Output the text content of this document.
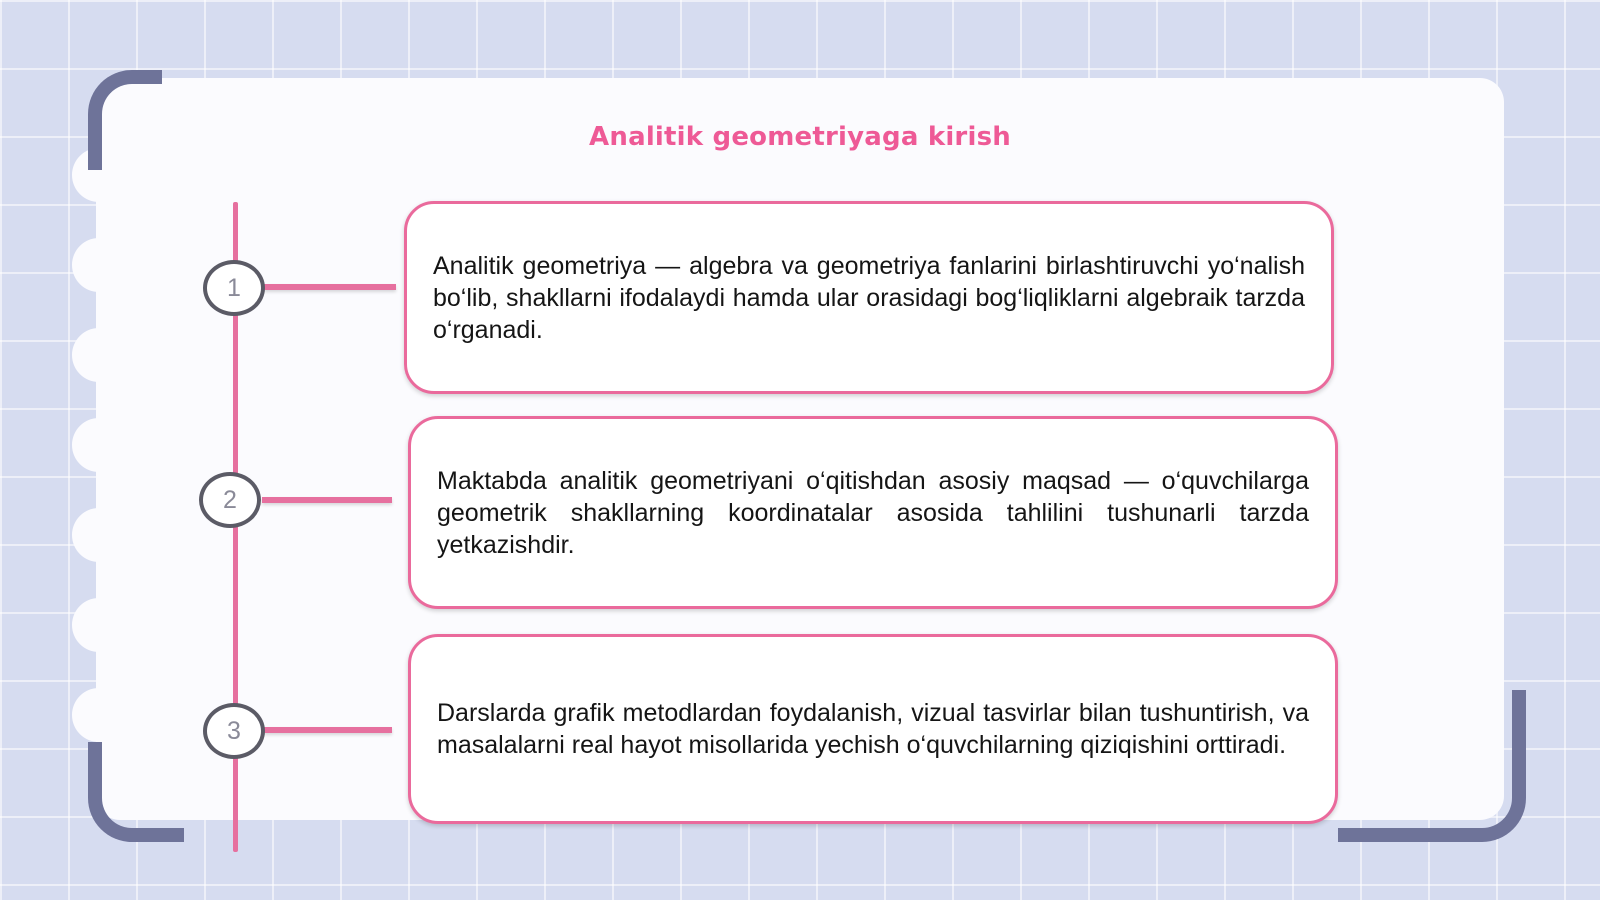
Analitik geometriyaga kirish
1

Analitik geometriya — algebra va geometriya fanlarini birlashtiruvchi yo‘nalish bo‘lib, shakllarni ifodalaydi hamda ular orasidagi bog‘liqliklarni algebraik tarzda o‘rganadi.

2

Maktabda analitik geometriyani o‘qitishdan asosiy maqsad — o‘quvchilarga geometrik shakllarning koordinatalar asosida tahlilini tushunarli tarzda yetkazishdir.

3

Darslarda grafik metodlardan foydalanish, vizual tasvirlar bilan tushuntirish, va masalalarni real hayot misollarida yechish o‘quvchilarning qiziqishini orttiradi.
